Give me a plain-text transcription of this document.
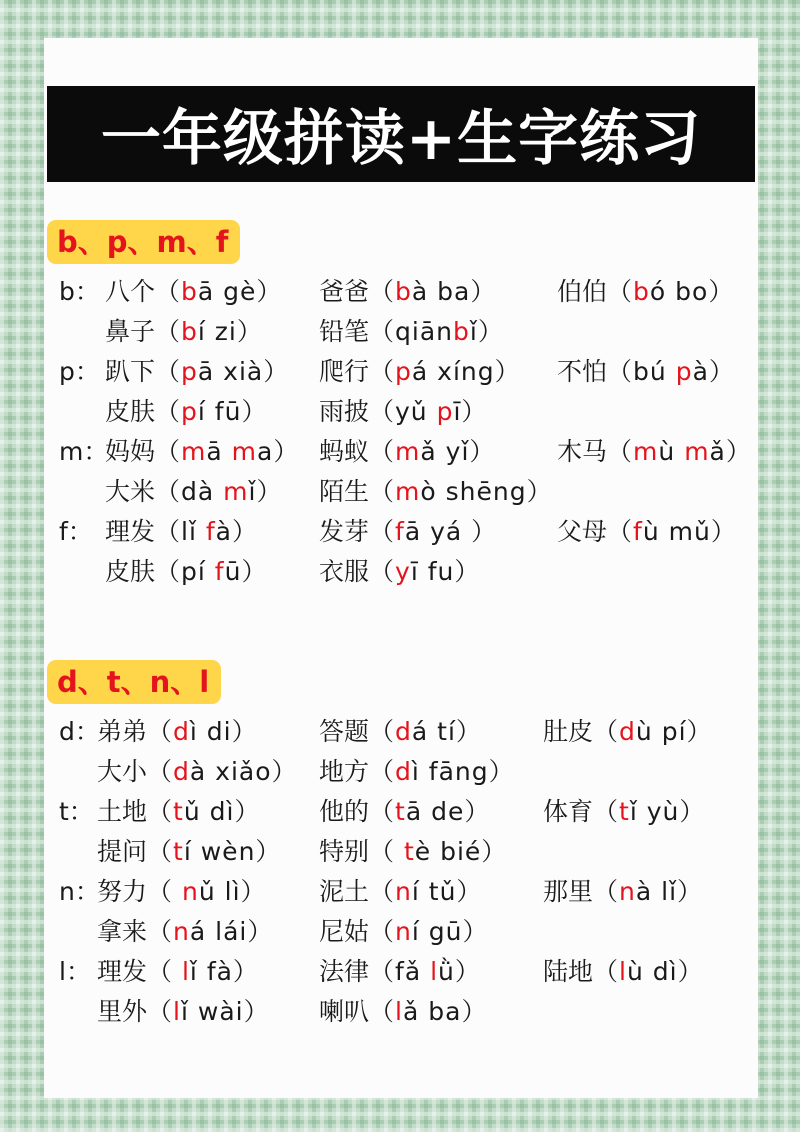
一年级拼读+生字练习
b、p、m、f
b： 八个（bā gè） 爸爸（bà ba） 伯伯（bó bo）
鼻子（bí zi） 铅笔（qiānbǐ）
p： 趴下（pā xià） 爬行（pá xíng） 不怕（bú pà）
皮肤（pí fū） 雨披（yǔ pī）
m：
妈妈（mā ma） 蚂蚁（mǎ yǐ） 木马（mù mǎ）
大米（dà mǐ） 陌生（mò shēng）
f： 理发（lǐ fà） 发芽（fā yá ） 父母（fù mǔ）
皮肤（pí fū） 衣服（yī fu）
d、t、n、l
d：
弟弟（dì di） 答题（dá tí） 肚皮（dù pí）
大小（dà xiǎo） 地方（dì fāng）
t： 土地（tǔ dì） 他的（tā de） 体育（tǐ yù）
提问（tí wèn） 特别（ tè bié）
n：
努力（ nǔ lì） 泥土（ní tǔ） 那里（nà lǐ）
拿来（ná lái） 尼姑（ní gū）
l： 理发（ lǐ fà） 法律（fǎ lǜ） 陆地（lù dì）
里外（lǐ wài） 喇叭（lǎ ba）
